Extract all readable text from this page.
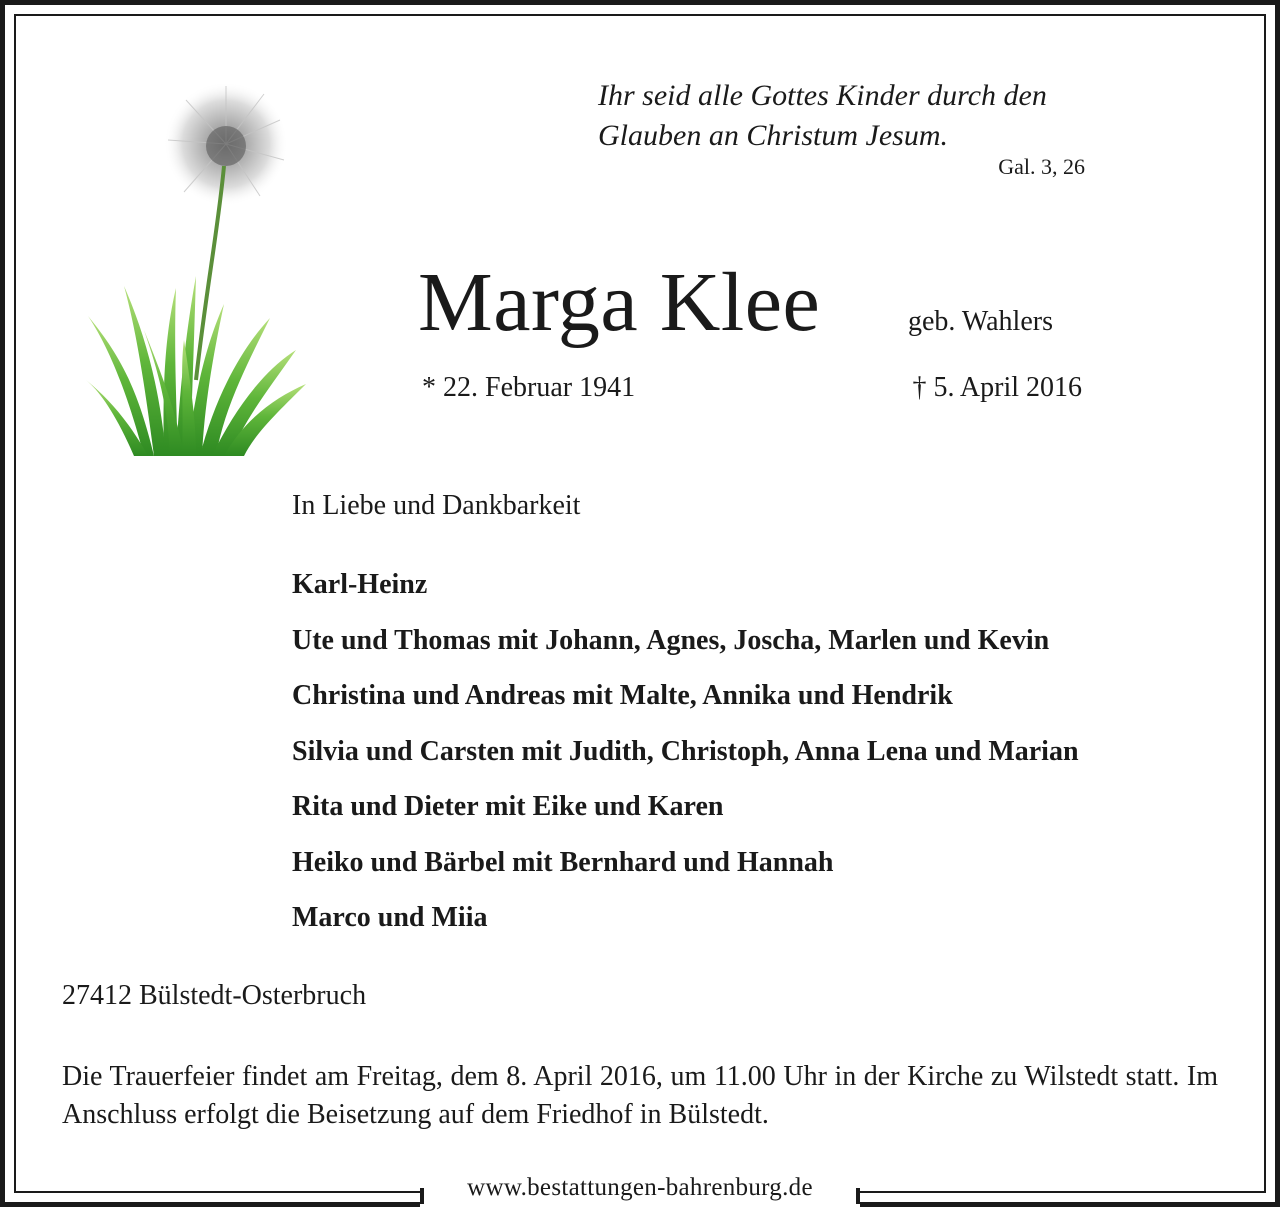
Ihr seid alle Gottes Kinder durch den
Glauben an Christum Jesum.
Gal. 3, 26
Marga Klee	geb. Wahlers
* 22. Februar 1941	† 5. April 2016
In Liebe und Dankbarkeit
Karl-Heinz
Ute und Thomas mit Johann, Agnes, Joscha, Marlen und Kevin
Christina und Andreas mit Malte, Annika und Hendrik
Silvia und Carsten mit Judith, Christoph, Anna Lena und Marian
Rita und Dieter mit Eike und Karen
Heiko und Bärbel mit Bernhard und Hannah
Marco und Miia
27412 Bülstedt-Osterbruch
Die Trauerfeier findet am Freitag, dem 8. April 2016, um 11.00 Uhr in der Kirche zu Wilstedt statt. Im Anschluss erfolgt die Beisetzung auf dem Friedhof in Bülstedt.
www.bestattungen-bahrenburg.de
